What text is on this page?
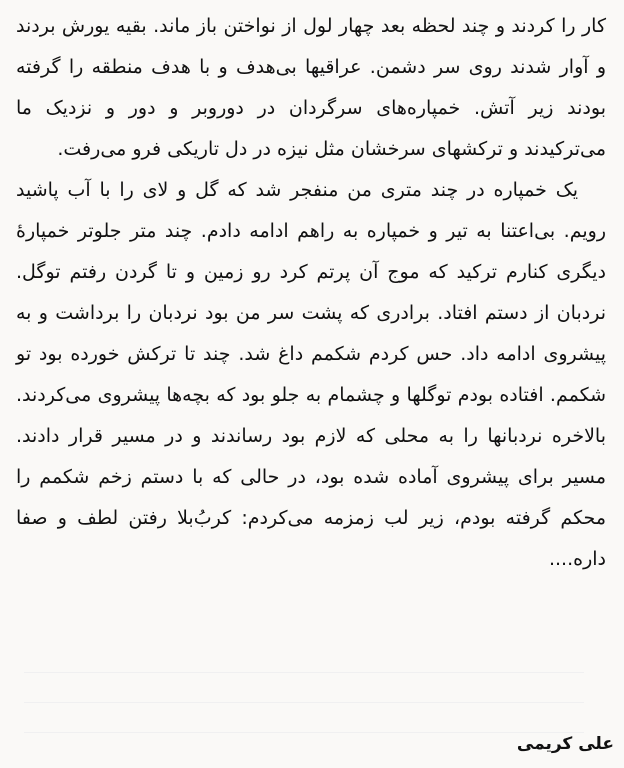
کار را کردند و چند لحظه بعد چهار لول از نواختن باز ماند. بقیه یورش بردند و آوار شدند روی سر دشمن. عراقیها بی‌هدف و با هدف منطقه را گرفته بودند زیر آتش. خمپاره‌های سرگردان در دوروبر و دور و نزدیک ما می‌ترکیدند و ترکشهای سرخشان مثل نیزه در دل تاریکی فرو می‌رفت.

یک خمپاره در چند متری من منفجر شد که گل و لای را با آب پاشید رویم. بی‌اعتنا به تیر و خمپاره به راهم ادامه دادم. چند متر جلوتر خمپارهٔ دیگری کنارم ترکید که موج آن پرتم کرد رو زمین و تا گردن رفتم توگل. نردبان از دستم افتاد. برادری که پشت سر من بود نردبان را برداشت و به پیشروی ادامه داد. حس کردم شکمم داغ شد. چند تا ترکش خورده بود تو شکمم. افتاده بودم توگلها و چشمام به جلو بود که بچه‌ها پیشروی می‌کردند. بالاخره نردبانها را به محلی که لازم بود رساندند و در مسیر قرار دادند. مسیر برای پیشروی آماده شده بود، در حالی که با دستم زخم شکمم را محکم گرفته بودم، زیر لب زمزمه می‌کردم: کربُ‌بلا رفتن لطف و صفا داره....

علی کریمی
